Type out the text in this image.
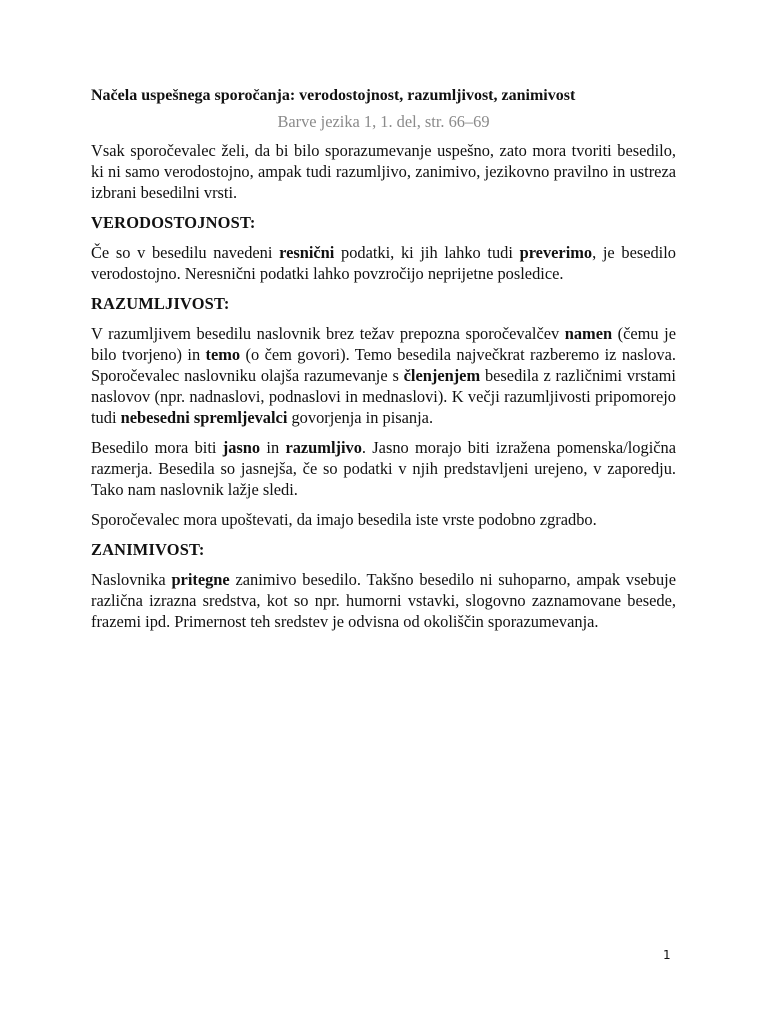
Načela uspešnega sporočanja: verodostojnost, razumljivost, zanimivost
Barve jezika 1, 1. del, str. 66–69

Vsak sporočevalec želi, da bi bilo sporazumevanje uspešno, zato mora tvoriti besedilo, ki ni samo verodostojno, ampak tudi razumljivo, zanimivo, jezikovno pravilno in ustreza izbrani besedilni vrsti.

VERODOSTOJNOST:

Če so v besedilu navedeni resnični podatki, ki jih lahko tudi preverimo, je besedilo verodostojno. Neresnični podatki lahko povzročijo neprijetne posledice.

RAZUMLJIVOST:

V razumljivem besedilu naslovnik brez težav prepozna sporočevalčev namen (čemu je bilo tvorjeno) in temo (o čem govori). Temo besedila največkrat razberemo iz naslova. Sporočevalec naslovniku olajša razumevanje s členjenjem besedila z različnimi vrstami naslovov (npr. nadnaslovi, podnaslovi in mednaslovi). K večji razumljivosti pripomorejo tudi nebesedni spremljevalci govorjenja in pisanja.

Besedilo mora biti jasno in razumljivo. Jasno morajo biti izražena pomenska/logična razmerja. Besedila so jasnejša, če so podatki v njih predstavljeni urejeno, v zaporedju. Tako nam naslovnik lažje sledi.

Sporočevalec mora upoštevati, da imajo besedila iste vrste podobno zgradbo.

ZANIMIVOST:

Naslovnika pritegne zanimivo besedilo. Takšno besedilo ni suhoparno, ampak vsebuje različna izrazna sredstva, kot so npr. humorni vstavki, slogovno zaznamovane besede, frazemi ipd. Primernost teh sredstev je odvisna od okoliščin sporazumevanja.

1
